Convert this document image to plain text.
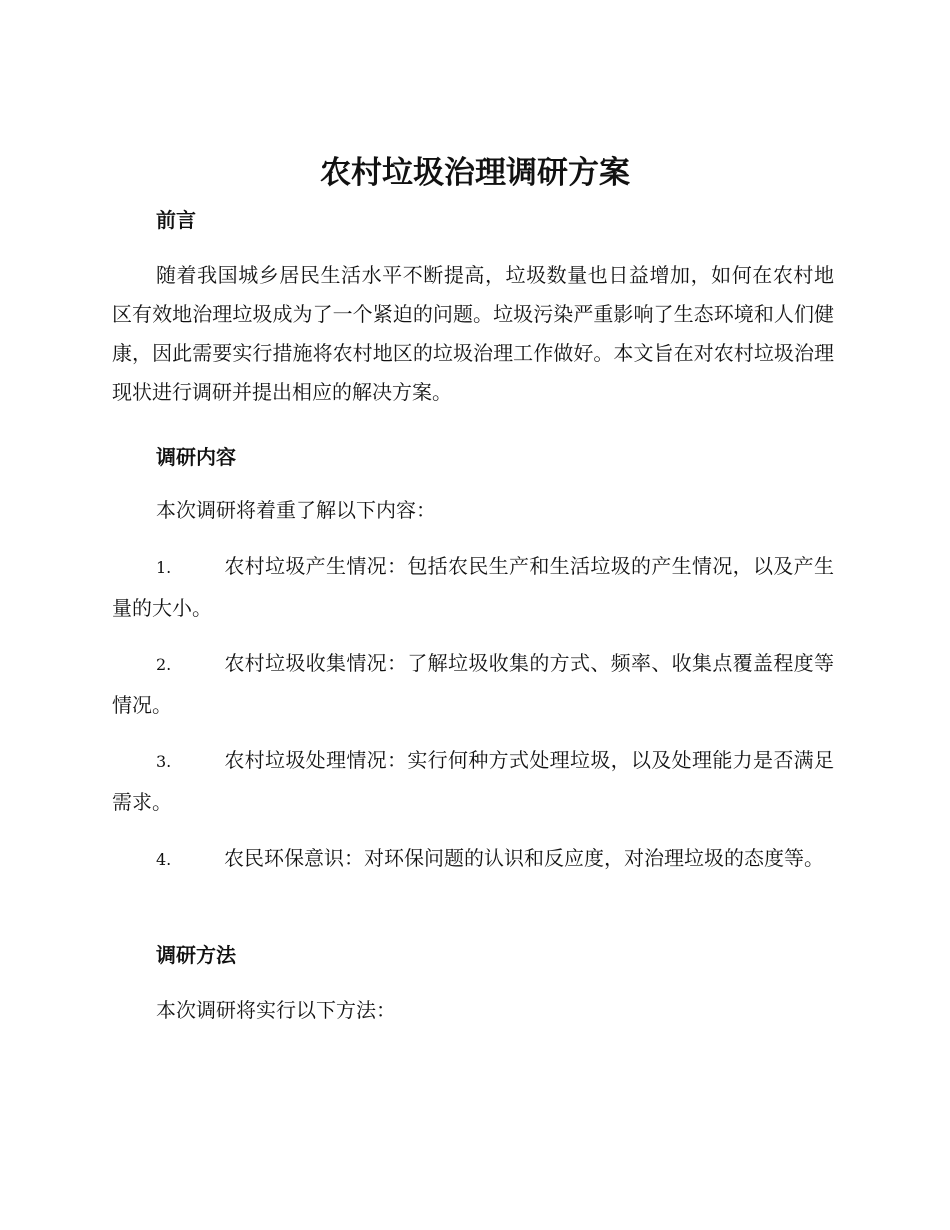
农村垃圾治理调研方案
前言

随着我国城乡居民生活水平不断提高，垃圾数量也日益增加，如何在农村地区有效地治理垃圾成为了一个紧迫的问题。垃圾污染严重影响了生态环境和人们健康，因此需要实行措施将农村地区的垃圾治理工作做好。本文旨在对农村垃圾治理现状进行调研并提出相应的解决方案。

调研内容

本次调研将着重了解以下内容：

1.	农村垃圾产生情况：包括农民生产和生活垃圾的产生情况，以及产生量的大小。

2.	农村垃圾收集情况：了解垃圾收集的方式、频率、收集点覆盖程度等情况。

3.	农村垃圾处理情况：实行何种方式处理垃圾，以及处理能力是否满足需求。

4.	农民环保意识：对环保问题的认识和反应度，对治理垃圾的态度等。

调研方法

本次调研将实行以下方法：
